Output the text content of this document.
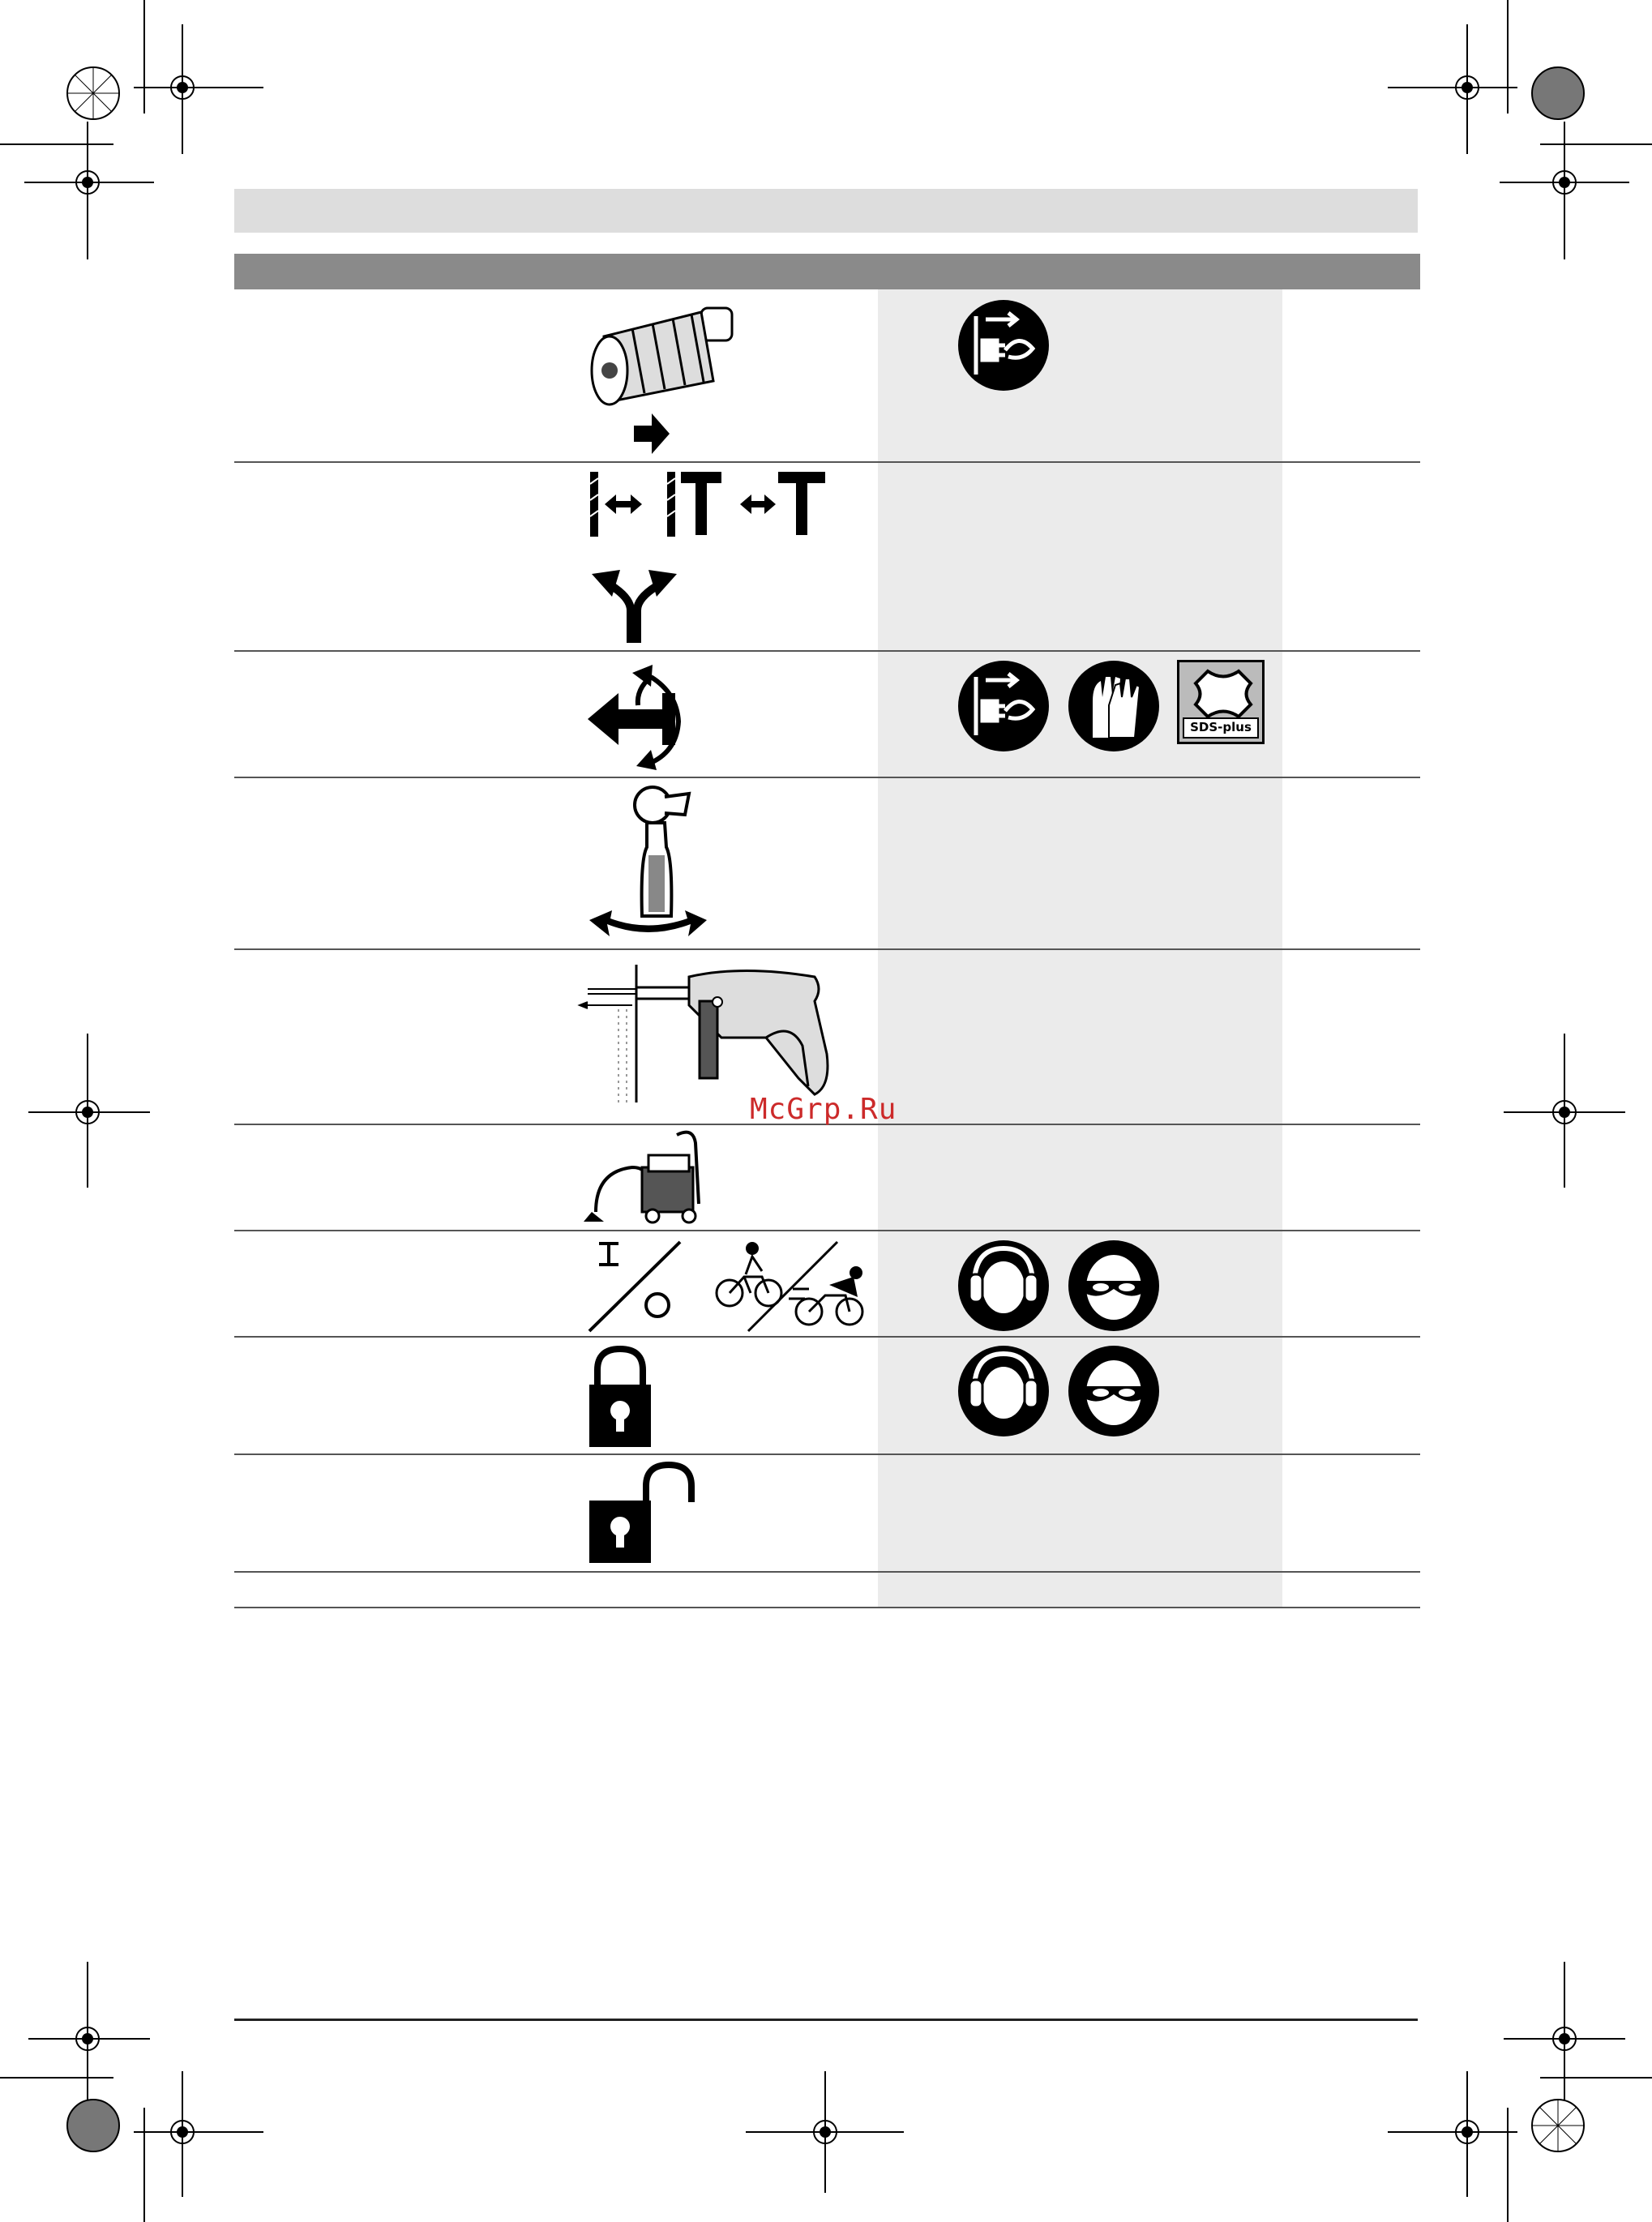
SDS-plus
McGrp.Ru
